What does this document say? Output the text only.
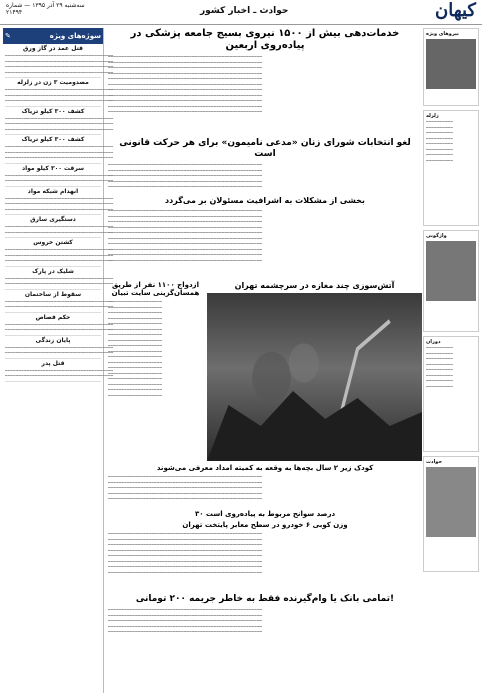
سه‌شنبه ۲۹ آذر ۱۳۹۵ — شماره ۲۱۴۹۴	حوادث ـ اخبار کشور	کیهان
✎	سوژه‌های ویژه
قتل عمد در گاز ورق
━━━━━━━━━━━━━━━━━━━━━━━━━━━━━━━━━━━━━━━━
━━━━━━━━━━━━━━━━━━━━━━━━━━━━━━━━━━━━━━━━
━━━━━━━━━━━━━━━━━━━━━━━━━━━━━━━━━━━━━━━━
━━━━━━━━━━━━━━━━━━━━━━━━━━━━━━━━━━━━━━━━
مصدومیت ۳ زن در زلزله
━━━━━━━━━━━━━━━━━━━━━━━━━━━━━━━━━━━━━━━━
━━━━━━━━━━━━━━━━━━━━━━━━━━━━━━━━━━━━━━━━
━━━━━━━━━━━━━━━━━━━━━━━━━━━━━━━━━━━━━━━━
کشف ۳۰۰ کیلو تریاک
━━━━━━━━━━━━━━━━━━━━━━━━━━━━━━━━━━━━━━━━
━━━━━━━━━━━━━━━━━━━━━━━━━━━━━━━━━━━━━━━━
━━━━━━━━━━━━━━━━━━━━━━━━━━━━━━━━━━━━━━━━
کشف ۳۰۰ کیلو تریاک
━━━━━━━━━━━━━━━━━━━━━━━━━━━━━━━━━━━━━━━━
━━━━━━━━━━━━━━━━━━━━━━━━━━━━━━━━━━━━━━━━
━━━━━━━━━━━━━━━━━━━━━━━━━━━━━━━━━━━━━━━━
سرقت ۳۰۰ کیلو مواد
━━━━━━━━━━━━━━━━━━━━━━━━━━━━━━━━━━━━━━━━
━━━━━━━━━━━━━━━━━━━━━━━━━━━━━━━━━━━━━━━━
انهدام شبکه مواد
━━━━━━━━━━━━━━━━━━━━━━━━━━━━━━━━━━━━━━━━
━━━━━━━━━━━━━━━━━━━━━━━━━━━━━━━━━━━━━━━━
━━━━━━━━━━━━━━━━━━━━━━━━━━━━━━━━━━━━━━━━
دستگیری سارق
━━━━━━━━━━━━━━━━━━━━━━━━━━━━━━━━━━━━━━━━
━━━━━━━━━━━━━━━━━━━━━━━━━━━━━━━━━━━━━━━━
کشتن خروس
━━━━━━━━━━━━━━━━━━━━━━━━━━━━━━━━━━━━━━━━
━━━━━━━━━━━━━━━━━━━━━━━━━━━━━━━━━━━━━━━━
━━━━━━━━━━━━━━━━━━━━━━━━━━━━━━━━━━━━━━━━
شلیک در پارک
━━━━━━━━━━━━━━━━━━━━━━━━━━━━━━━━━━━━━━━━
━━━━━━━━━━━━━━━━━━━━━━━━━━━━━━━━━━━━━━━━
سقوط از ساختمان
━━━━━━━━━━━━━━━━━━━━━━━━━━━━━━━━━━━━━━━━
━━━━━━━━━━━━━━━━━━━━━━━━━━━━━━━━━━━━━━━━
حکم قصاص
━━━━━━━━━━━━━━━━━━━━━━━━━━━━━━━━━━━━━━━━
━━━━━━━━━━━━━━━━━━━━━━━━━━━━━━━━━━━━━━━━
پایان زندگی
━━━━━━━━━━━━━━━━━━━━━━━━━━━━━━━━━━━━━━━━
━━━━━━━━━━━━━━━━━━━━━━━━━━━━━━━━━━━━━━━━
قتل پدر
━━━━━━━━━━━━━━━━━━━━━━━━━━━━━━━━━━━━━━━━
━━━━━━━━━━━━━━━━━━━━━━━━━━━━━━━━━━━━━━━━
خدمات‌دهی بیش از ۱۵۰۰ نیروی بسیج جامعه پزشکی در پیاده‌روی اربعین
━━━━━━━━━━━━━━━━━━━━━━━━━━━━━━━━━━━━━━━━━━━━━━━━━━━━━━━━━
━━━━━━━━━━━━━━━━━━━━━━━━━━━━━━━━━━━━━━━━━━━━━━━━━━━━━━━━━
━━━━━━━━━━━━━━━━━━━━━━━━━━━━━━━━━━━━━━━━━━━━━━━━━━━━━━━━━
━━━━━━━━━━━━━━━━━━━━━━━━━━━━━━━━━━━━━━━━━━━━━━━━━━━━━━━━━
━━━━━━━━━━━━━━━━━━━━━━━━━━━━━━━━━━━━━━━━━━━━━━━━━━━━━━━━━
━━━━━━━━━━━━━━━━━━━━━━━━━━━━━━━━━━━━━━━━━━━━━━━━━━━━━━━━━
━━━━━━━━━━━━━━━━━━━━━━━━━━━━━━━━━━━━━━━━━━━━━━━━━━━━━━━━━
━━━━━━━━━━━━━━━━━━━━━━━━━━━━━━━━━━━━━━━━━━━━━━━━━━━━━━━━━
━━━━━━━━━━━━━━━━━━━━━━━━━━━━━━━━━━━━━━━━━━━━━━━━━━━━━━━━━
━━━━━━━━━━━━━━━━━━━━━━━━━━━━━━━━━━━━━━━━━━━━━━━━━━━━━━━━━
━━━━━━━━━━━━━━━━━━━━━━━━━━━━━━━━━━━━━━━━━━━━━━━━━━━━━━━━━
لغو انتخابات شورای زنان «مدعی نامیمون» برای هر حرکت قانونی است
━━━━━━━━━━━━━━━━━━━━━━━━━━━━━━━━━━━━━━━━━━━━━━━━━━━━━━━━━
━━━━━━━━━━━━━━━━━━━━━━━━━━━━━━━━━━━━━━━━━━━━━━━━━━━━━━━━━
━━━━━━━━━━━━━━━━━━━━━━━━━━━━━━━━━━━━━━━━━━━━━━━━━━━━━━━━━
━━━━━━━━━━━━━━━━━━━━━━━━━━━━━━━━━━━━━━━━━━━━━━━━━━━━━━━━━
━━━━━━━━━━━━━━━━━━━━━━━━━━━━━━━━━━━━━━━━━━━━━━━━━━━━━━━━━
بخشی از مشکلات به اشرافیت مسئولان بر می‌گردد
━━━━━━━━━━━━━━━━━━━━━━━━━━━━━━━━━━━━━━━━━━━━━━━━━━━━━━━━━
━━━━━━━━━━━━━━━━━━━━━━━━━━━━━━━━━━━━━━━━━━━━━━━━━━━━━━━━━
━━━━━━━━━━━━━━━━━━━━━━━━━━━━━━━━━━━━━━━━━━━━━━━━━━━━━━━━━
━━━━━━━━━━━━━━━━━━━━━━━━━━━━━━━━━━━━━━━━━━━━━━━━━━━━━━━━━
━━━━━━━━━━━━━━━━━━━━━━━━━━━━━━━━━━━━━━━━━━━━━━━━━━━━━━━━━
━━━━━━━━━━━━━━━━━━━━━━━━━━━━━━━━━━━━━━━━━━━━━━━━━━━━━━━━━
━━━━━━━━━━━━━━━━━━━━━━━━━━━━━━━━━━━━━━━━━━━━━━━━━━━━━━━━━
━━━━━━━━━━━━━━━━━━━━━━━━━━━━━━━━━━━━━━━━━━━━━━━━━━━━━━━━━
━━━━━━━━━━━━━━━━━━━━━━━━━━━━━━━━━━━━━━━━━━━━━━━━━━━━━━━━━
━━━━━━━━━━━━━━━━━━━━━━━━━━━━━━━━━━━━━━━━━━━━━━━━━━━━━━━━━
ازدواج ۱۱۰۰ نفر از طریق همسان‌گزینی سایت تبیان
━━━━━━━━━━━━━━━━━━━━
━━━━━━━━━━━━━━━━━━━━
━━━━━━━━━━━━━━━━━━━━
━━━━━━━━━━━━━━━━━━━━
━━━━━━━━━━━━━━━━━━━━
━━━━━━━━━━━━━━━━━━━━
━━━━━━━━━━━━━━━━━━━━
━━━━━━━━━━━━━━━━━━━━
━━━━━━━━━━━━━━━━━━━━
━━━━━━━━━━━━━━━━━━━━
━━━━━━━━━━━━━━━━━━━━
━━━━━━━━━━━━━━━━━━━━
━━━━━━━━━━━━━━━━━━━━
━━━━━━━━━━━━━━━━━━━━
━━━━━━━━━━━━━━━━━━━━
━━━━━━━━━━━━━━━━━━━━
━━━━━━━━━━━━━━━━━━━━
━━━━━━━━━━━━━━━━━━━━
آتش‌سوزی چند مغازه در سرچشمه تهران
کودک زیر ۲ سال بچه‌ها به وقعه به کمیته امداد معرفی می‌شوند
━━━━━━━━━━━━━━━━━━━━━━━━━━━━━━━━━━━━━━━━━━━━━━━━━━━━━━━━━
━━━━━━━━━━━━━━━━━━━━━━━━━━━━━━━━━━━━━━━━━━━━━━━━━━━━━━━━━
━━━━━━━━━━━━━━━━━━━━━━━━━━━━━━━━━━━━━━━━━━━━━━━━━━━━━━━━━
━━━━━━━━━━━━━━━━━━━━━━━━━━━━━━━━━━━━━━━━━━━━━━━━━━━━━━━━━
━━━━━━━━━━━━━━━━━━━━━━━━━━━━━━━━━━━━━━━━━━━━━━━━━━━━━━━━━
۳۰ درصد سوانح مربوط به پیاده‌روی است
وزن کوبی ۶ خودرو در سطح معابر پایتخت تهران
━━━━━━━━━━━━━━━━━━━━━━━━━━━━━━━━━━━━━━━━━━━━━━━━━━━━━━━━━
━━━━━━━━━━━━━━━━━━━━━━━━━━━━━━━━━━━━━━━━━━━━━━━━━━━━━━━━━
━━━━━━━━━━━━━━━━━━━━━━━━━━━━━━━━━━━━━━━━━━━━━━━━━━━━━━━━━
━━━━━━━━━━━━━━━━━━━━━━━━━━━━━━━━━━━━━━━━━━━━━━━━━━━━━━━━━
━━━━━━━━━━━━━━━━━━━━━━━━━━━━━━━━━━━━━━━━━━━━━━━━━━━━━━━━━
━━━━━━━━━━━━━━━━━━━━━━━━━━━━━━━━━━━━━━━━━━━━━━━━━━━━━━━━━
━━━━━━━━━━━━━━━━━━━━━━━━━━━━━━━━━━━━━━━━━━━━━━━━━━━━━━━━━
━━━━━━━━━━━━━━━━━━━━━━━━━━━━━━━━━━━━━━━━━━━━━━━━━━━━━━━━━
تمامی بانک یا وام‌گیرنده فقط به خاطر جریمه ۲۰۰ تومانی!
━━━━━━━━━━━━━━━━━━━━━━━━━━━━━━━━━━━━━━━━━━━━━━━━━━━━━━━━━
━━━━━━━━━━━━━━━━━━━━━━━━━━━━━━━━━━━━━━━━━━━━━━━━━━━━━━━━━
━━━━━━━━━━━━━━━━━━━━━━━━━━━━━━━━━━━━━━━━━━━━━━━━━━━━━━━━━
━━━━━━━━━━━━━━━━━━━━━━━━━━━━━━━━━━━━━━━━━━━━━━━━━━━━━━━━━
━━━━━━━━━━━━━━━━━━━━━━━━━━━━━━━━━━━━━━━━━━━━━━━━━━━━━━━━━
نیروهای ویژه
زلزله
━━━━━━━━━━
━━━━━━━━━━
━━━━━━━━━━
━━━━━━━━━━
━━━━━━━━━━
━━━━━━━━━━
━━━━━━━━━━
━━━━━━━━━━
واژگونی
دوران
━━━━━━━━━━
━━━━━━━━━━
━━━━━━━━━━
━━━━━━━━━━
━━━━━━━━━━
━━━━━━━━━━
━━━━━━━━━━
━━━━━━━━━━
حوادث
